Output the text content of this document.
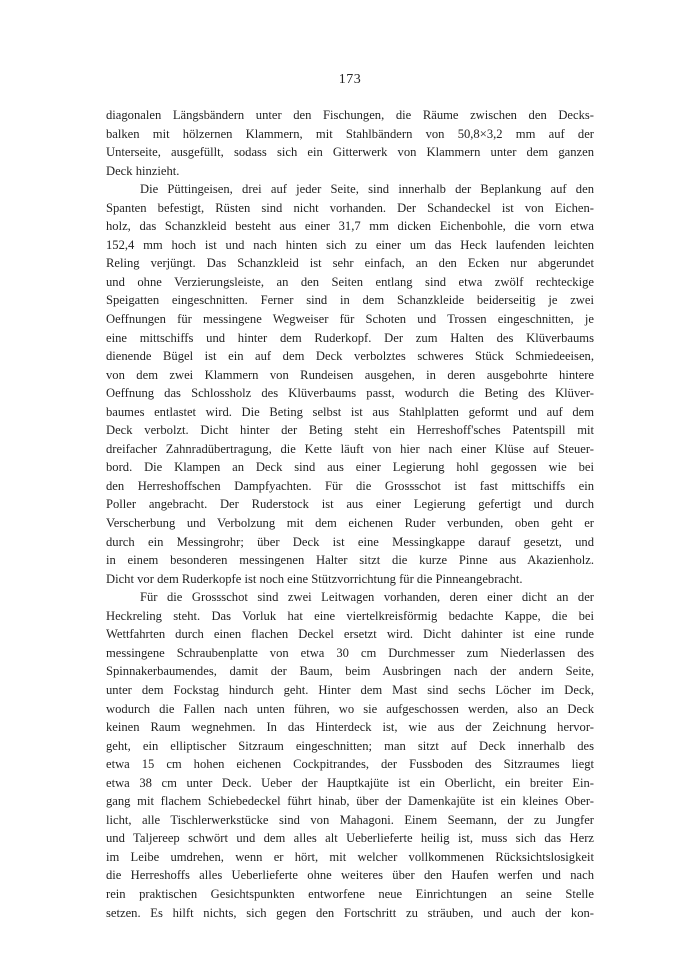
173
diagonalen Längsbändern unter den Fischungen, die Räume zwischen den Decks-
balken mit hölzernen Klammern, mit Stahlbändern von 50,8×3,2 mm auf der
Unterseite, ausgefüllt, sodass sich ein Gitterwerk von Klammern unter dem ganzen
Deck hinzieht.
Die Püttingeisen, drei auf jeder Seite, sind innerhalb der Beplankung auf den
Spanten befestigt, Rüsten sind nicht vorhanden. Der Schandeckel ist von Eichen-
holz, das Schanzkleid besteht aus einer 31,7 mm dicken Eichenbohle, die vorn etwa
152,4 mm hoch ist und nach hinten sich zu einer um das Heck laufenden leichten
Reling verjüngt. Das Schanzkleid ist sehr einfach, an den Ecken nur abgerundet
und ohne Verzierungsleiste, an den Seiten entlang sind etwa zwölf rechteckige
Speigatten eingeschnitten. Ferner sind in dem Schanzkleide beiderseitig je zwei
Oeffnungen für messingene Wegweiser für Schoten und Trossen eingeschnitten, je
eine mittschiffs und hinter dem Ruderkopf. Der zum Halten des Klüverbaums
dienende Bügel ist ein auf dem Deck verbolztes schweres Stück Schmiedeeisen,
von dem zwei Klammern von Rundeisen ausgehen, in deren ausgebohrte hintere
Oeffnung das Schlossholz des Klüverbaums passt, wodurch die Beting des Klüver-
baumes entlastet wird. Die Beting selbst ist aus Stahlplatten geformt und auf dem
Deck verbolzt. Dicht hinter der Beting steht ein Herreshoff'sches Patentspill mit
dreifacher Zahnradübertragung, die Kette läuft von hier nach einer Klüse auf Steuer-
bord. Die Klampen an Deck sind aus einer Legierung hohl gegossen wie bei
den Herreshoffschen Dampfyachten. Für die Grossschot ist fast mittschiffs ein
Poller angebracht. Der Ruderstock ist aus einer Legierung gefertigt und durch
Verscherbung und Verbolzung mit dem eichenen Ruder verbunden, oben geht er
durch ein Messingrohr; über Deck ist eine Messingkappe darauf gesetzt, und
in einem besonderen messingenen Halter sitzt die kurze Pinne aus Akazienholz.
Dicht vor dem Ruderkopfe ist noch eine Stützvorrichtung für die Pinneangebracht.
Für die Grossschot sind zwei Leitwagen vorhanden, deren einer dicht an der
Heckreling steht. Das Vorluk hat eine viertelkreisförmig bedachte Kappe, die bei
Wettfahrten durch einen flachen Deckel ersetzt wird. Dicht dahinter ist eine runde
messingene Schraubenplatte von etwa 30 cm Durchmesser zum Niederlassen des
Spinnakerbaumendes, damit der Baum, beim Ausbringen nach der andern Seite,
unter dem Fockstag hindurch geht. Hinter dem Mast sind sechs Löcher im Deck,
wodurch die Fallen nach unten führen, wo sie aufgeschossen werden, also an Deck
keinen Raum wegnehmen. In das Hinterdeck ist, wie aus der Zeichnung hervor-
geht, ein elliptischer Sitzraum eingeschnitten; man sitzt auf Deck innerhalb des
etwa 15 cm hohen eichenen Cockpitrandes, der Fussboden des Sitzraumes liegt
etwa 38 cm unter Deck. Ueber der Hauptkajüte ist ein Oberlicht, ein breiter Ein-
gang mit flachem Schiebedeckel führt hinab, über der Damenkajüte ist ein kleines Ober-
licht, alle Tischlerwerkstücke sind von Mahagoni. Einem Seemann, der zu Jungfer
und Taljereep schwört und dem alles alt Ueberlieferte heilig ist, muss sich das Herz
im Leibe umdrehen, wenn er hört, mit welcher vollkommenen Rücksichtslosigkeit
die Herreshoffs alles Ueberlieferte ohne weiteres über den Haufen werfen und nach
rein praktischen Gesichtspunkten entworfene neue Einrichtungen an seine Stelle
setzen. Es hilft nichts, sich gegen den Fortschritt zu sträuben, und auch der kon-
